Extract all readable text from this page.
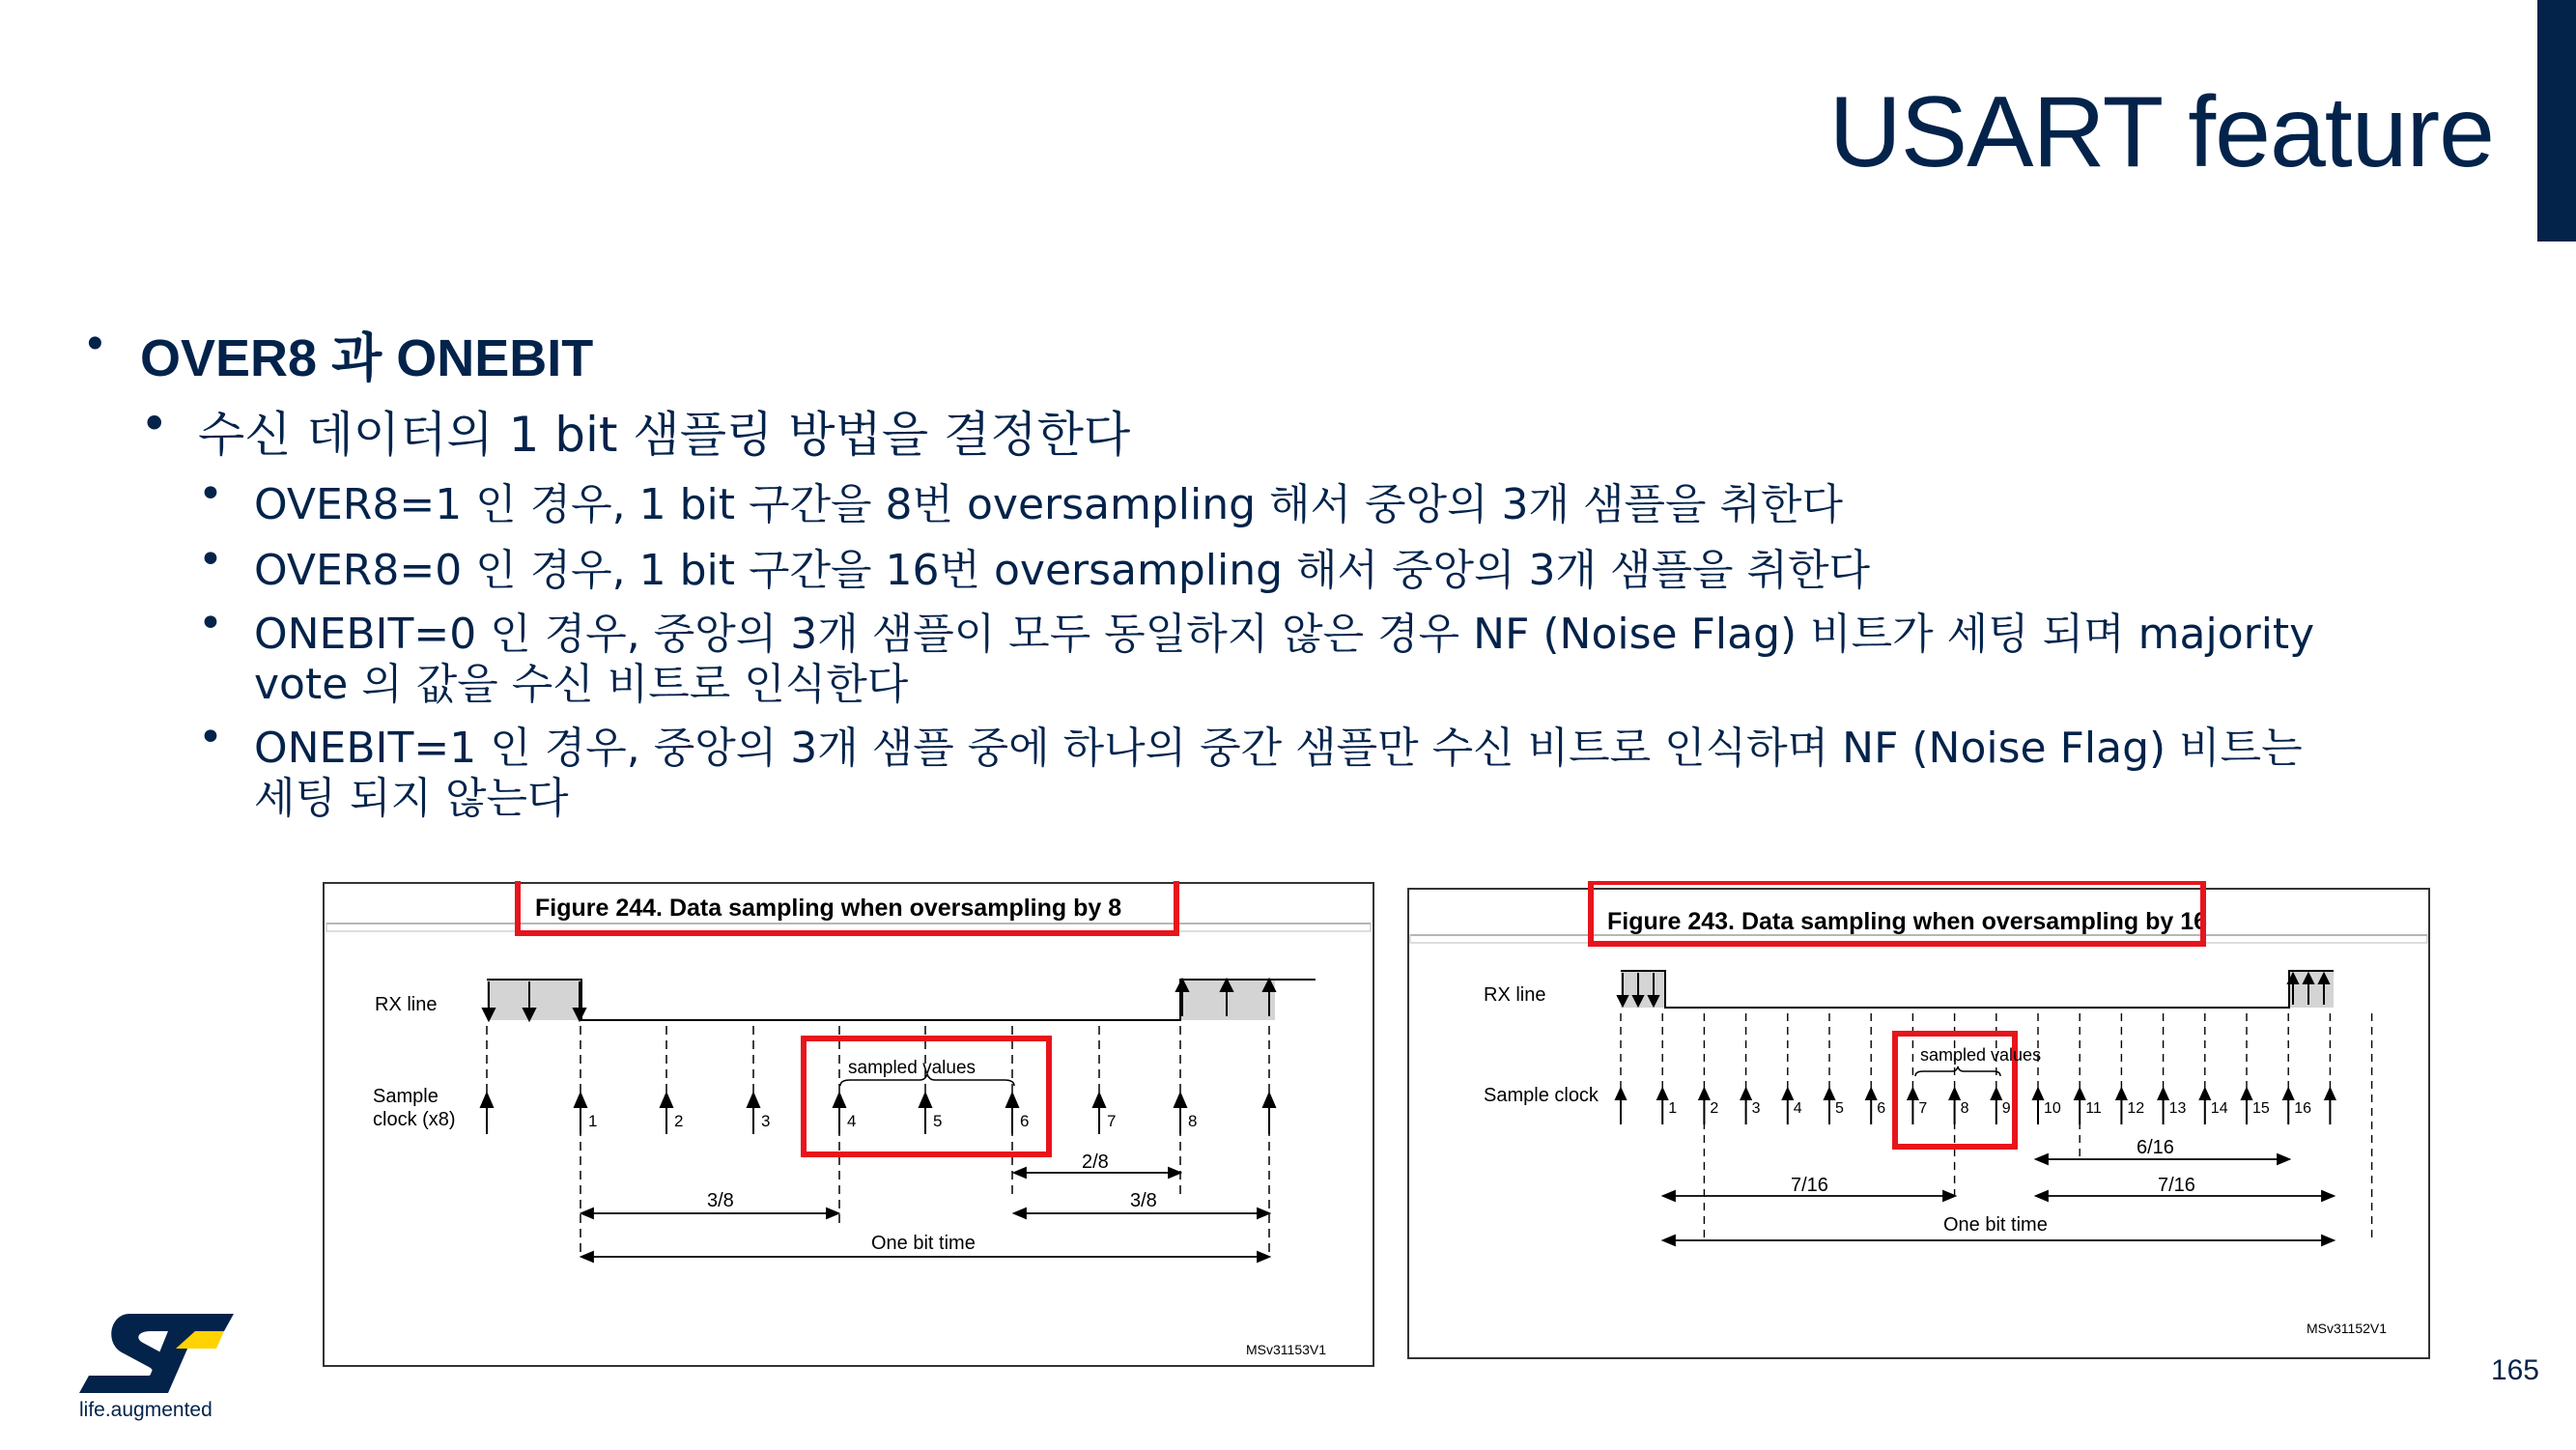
USART feature
• OVER8 과 ONEBIT
• 수신 데이터의 1 bit 샘플링 방법을 결정한다
• OVER8=1 인 경우, 1 bit 구간을 8번 oversampling 해서 중앙의 3개 샘플을 취한다
• OVER8=0 인 경우, 1 bit 구간을 16번 oversampling 해서 중앙의 3개 샘플을 취한다
• ONEBIT=0 인 경우, 중앙의 3개 샘플이 모두 동일하지 않은 경우 NF (Noise Flag) 비트가 세팅 되며 majority
vote 의 값을 수신 비트로 인식한다
• ONEBIT=1 인 경우, 중앙의 3개 샘플 중에 하나의 중간 샘플만 수신 비트로 인식하며 NF (Noise Flag) 비트는
세팅 되지 않는다
Figure 244. Data sampling when oversampling by 8
RX line
Sample
clock (x8)	1	2	3	4	5	6	7	8
sampled values
2/8
3/8	3/8
One bit time
MSv31153V1
Figure 243. Data sampling when oversampling by 16
RX line
Sample clock
1 2 3 4 5 6 7 8 9 10 11 12 13 14 15 16
sampled values
6/16
7/16	7/16
One bit time
MSv31152V1
life.augmented
165
